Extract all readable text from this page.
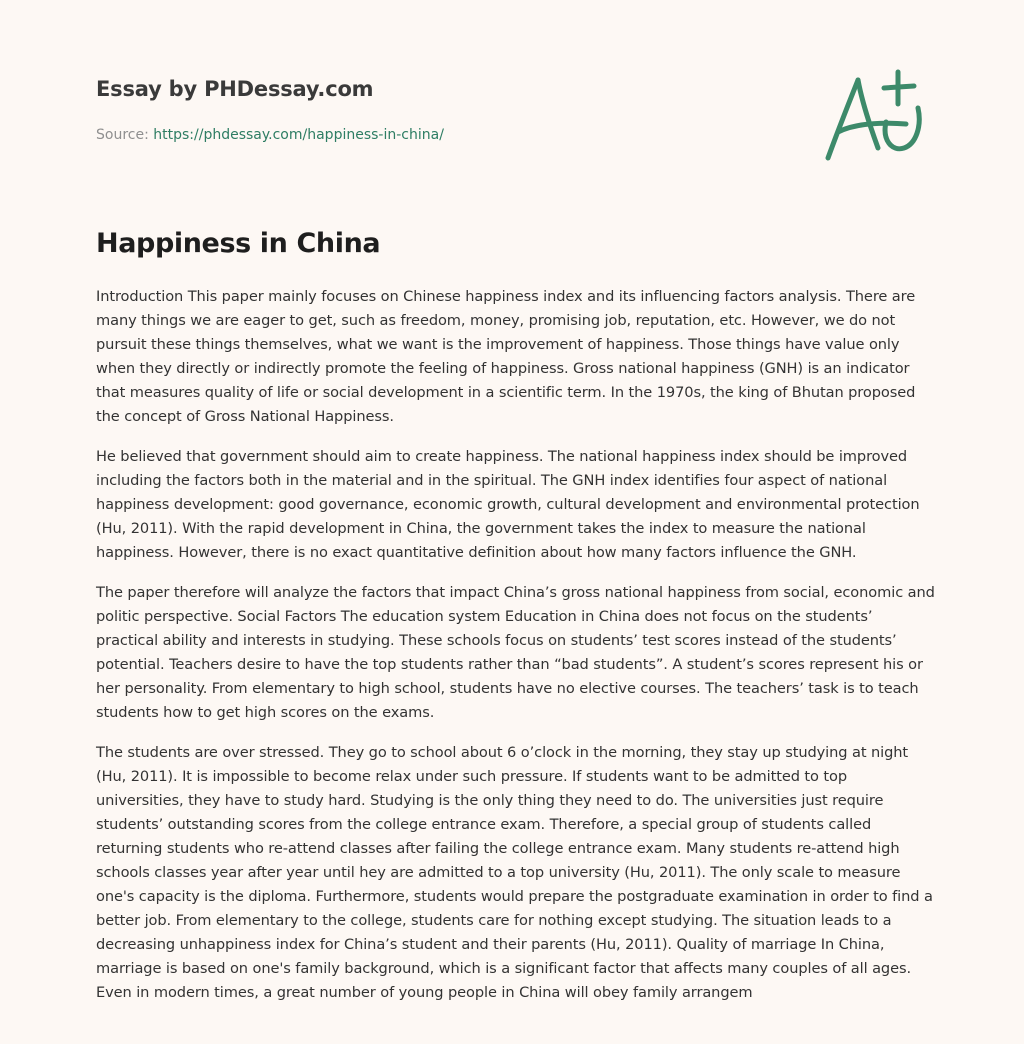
Essay by PHDessay.com
Source: https://phdessay.com/happiness-in-china/
Happiness in China

Introduction This paper mainly focuses on Chinese happiness index and its influencing factors analysis. There are many things we are eager to get, such as freedom, money, promising job, reputation, etc. However, we do not pursuit these things themselves, what we want is the improvement of happiness. Those things have value only when they directly or indirectly promote the feeling of happiness. Gross national happiness (GNH) is an indicator that measures quality of life or social development in a scientific term. In the 1970s, the king of Bhutan proposed the concept of Gross National Happiness.

He believed that government should aim to create happiness. The national happiness index should be improved including the factors both in the material and in the spiritual. The GNH index identifies four aspect of national happiness development: good governance, economic growth, cultural development and environmental protection (Hu, 2011). With the rapid development in China, the government takes the index to measure the national happiness. However, there is no exact quantitative definition about how many factors influence the GNH.

The paper therefore will analyze the factors that impact China’s gross national happiness from social, economic and politic perspective. Social Factors The education system Education in China does not focus on the students’ practical ability and interests in studying. These schools focus on students’ test scores instead of the students’ potential. Teachers desire to have the top students rather than “bad students”. A student’s scores represent his or her personality. From elementary to high school, students have no elective courses. The teachers’ task is to teach students how to get high scores on the exams.

The students are over stressed. They go to school about 6 o’clock in the morning, they stay up studying at night (Hu, 2011). It is impossible to become relax under such pressure. If students want to be admitted to top universities, they have to study hard. Studying is the only thing they need to do. The universities just require students’ outstanding scores from the college entrance exam. Therefore, a special group of students called returning students who re-attend classes after failing the college entrance exam. Many students re-attend high schools classes year after year until hey are admitted to a top university (Hu, 2011). The only scale to measure one's capacity is the diploma. Furthermore, students would prepare the postgraduate examination in order to find a better job. From elementary to the college, students care for nothing except studying. The situation leads to a decreasing unhappiness index for China’s student and their parents (Hu, 2011). Quality of marriage In China, marriage is based on one's family background, which is a significant factor that affects many couples of all ages. Even in modern times, a great number of young people in China will obey family arrangem
